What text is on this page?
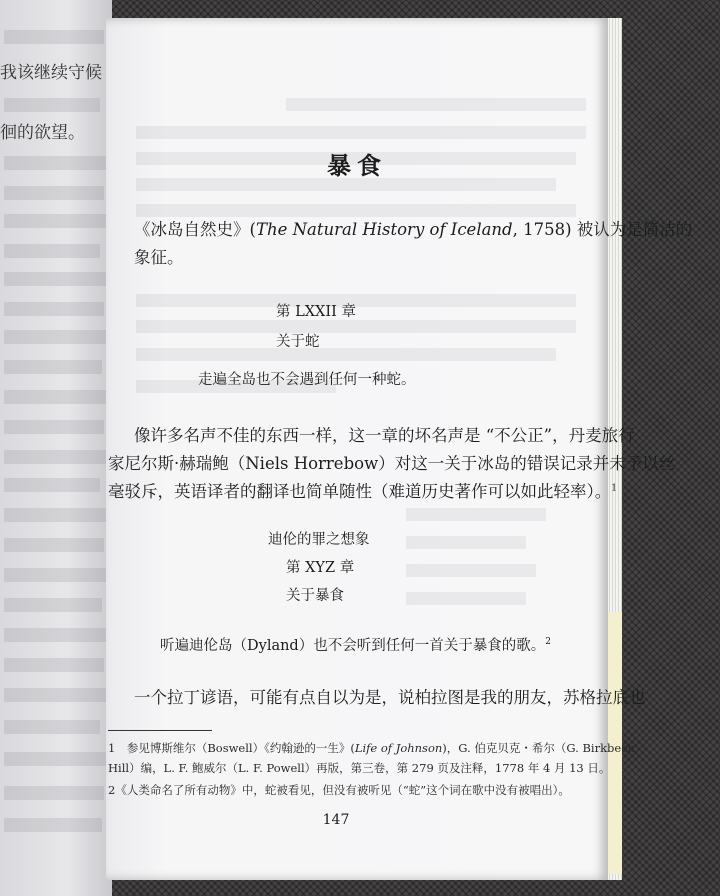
我该继续守候
徊的欲望。
暴食
《冰岛自然史》(The Natural History of Iceland, 1758) 被认为是简洁的
象征。
第 LXXII 章
关于蛇
走遍全岛也不会遇到任何一种蛇。
像许多名声不佳的东西一样，这一章的坏名声是 “不公正”，丹麦旅行
家尼尔斯·赫瑞鲍（Niels Horrebow）对这一关于冰岛的错误记录并未予以丝
毫驳斥，英语译者的翻译也简单随性（难道历史著作可以如此轻率）。$^1$
迪伦的罪之想象
第 XYZ 章
关于暴食
听遍迪伦岛（Dyland）也不会听到任何一首关于暴食的歌。$^2$
一个拉丁谚语，可能有点自以为是，说柏拉图是我的朋友，苏格拉底也
1　参见博斯维尔（Boswell）《约翰逊的一生》(Life of Johnson)，G. 伯克贝克・希尔（G. Birkbeck
Hill）编，L. F. 鲍威尔（L. F. Powell）再版，第三卷，第 279 页及注释，1778 年 4 月 13 日。
2《人类命名了所有动物》中，蛇被看见，但没有被听见（“蛇”这个词在歌中没有被唱出）。
147
